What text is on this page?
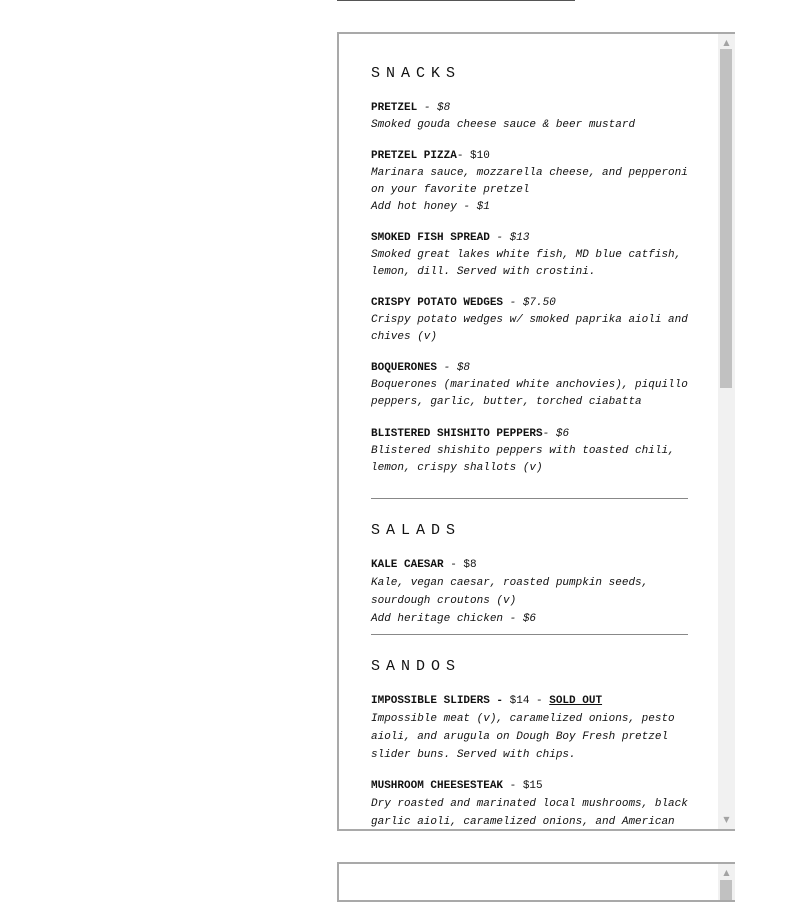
SNACKS
PRETZEL - $8
Smoked gouda cheese sauce & beer mustard
PRETZEL PIZZA- $10
Marinara sauce, mozzarella cheese, and pepperoni
on your favorite pretzel
Add hot honey - $1
SMOKED FISH SPREAD - $13
Smoked great lakes white fish, MD blue catfish,
lemon, dill. Served with crostini.
CRISPY POTATO WEDGES - $7.50
Crispy potato wedges w/ smoked paprika aioli and
chives (v)
BOQUERONES - $8
Boquerones (marinated white anchovies), piquillo
peppers, garlic, butter, torched ciabatta
BLISTERED SHISHITO PEPPERS- $6
Blistered shishito peppers with toasted chili,
lemon, crispy shallots (v)
SALADS
KALE CAESAR - $8
Kale, vegan caesar, roasted pumpkin seeds,
sourdough croutons (v)
Add heritage chicken - $6
SANDOS
IMPOSSIBLE SLIDERS - $14 - SOLD OUT
Impossible meat (v), caramelized onions, pesto
aioli, and arugula on Dough Boy Fresh pretzel
slider buns. Served with chips.
MUSHROOM CHEESESTEAK - $15
Dry roasted and marinated local mushrooms, black
garlic aioli, caramelized onions, and American
▲
▼
▲
